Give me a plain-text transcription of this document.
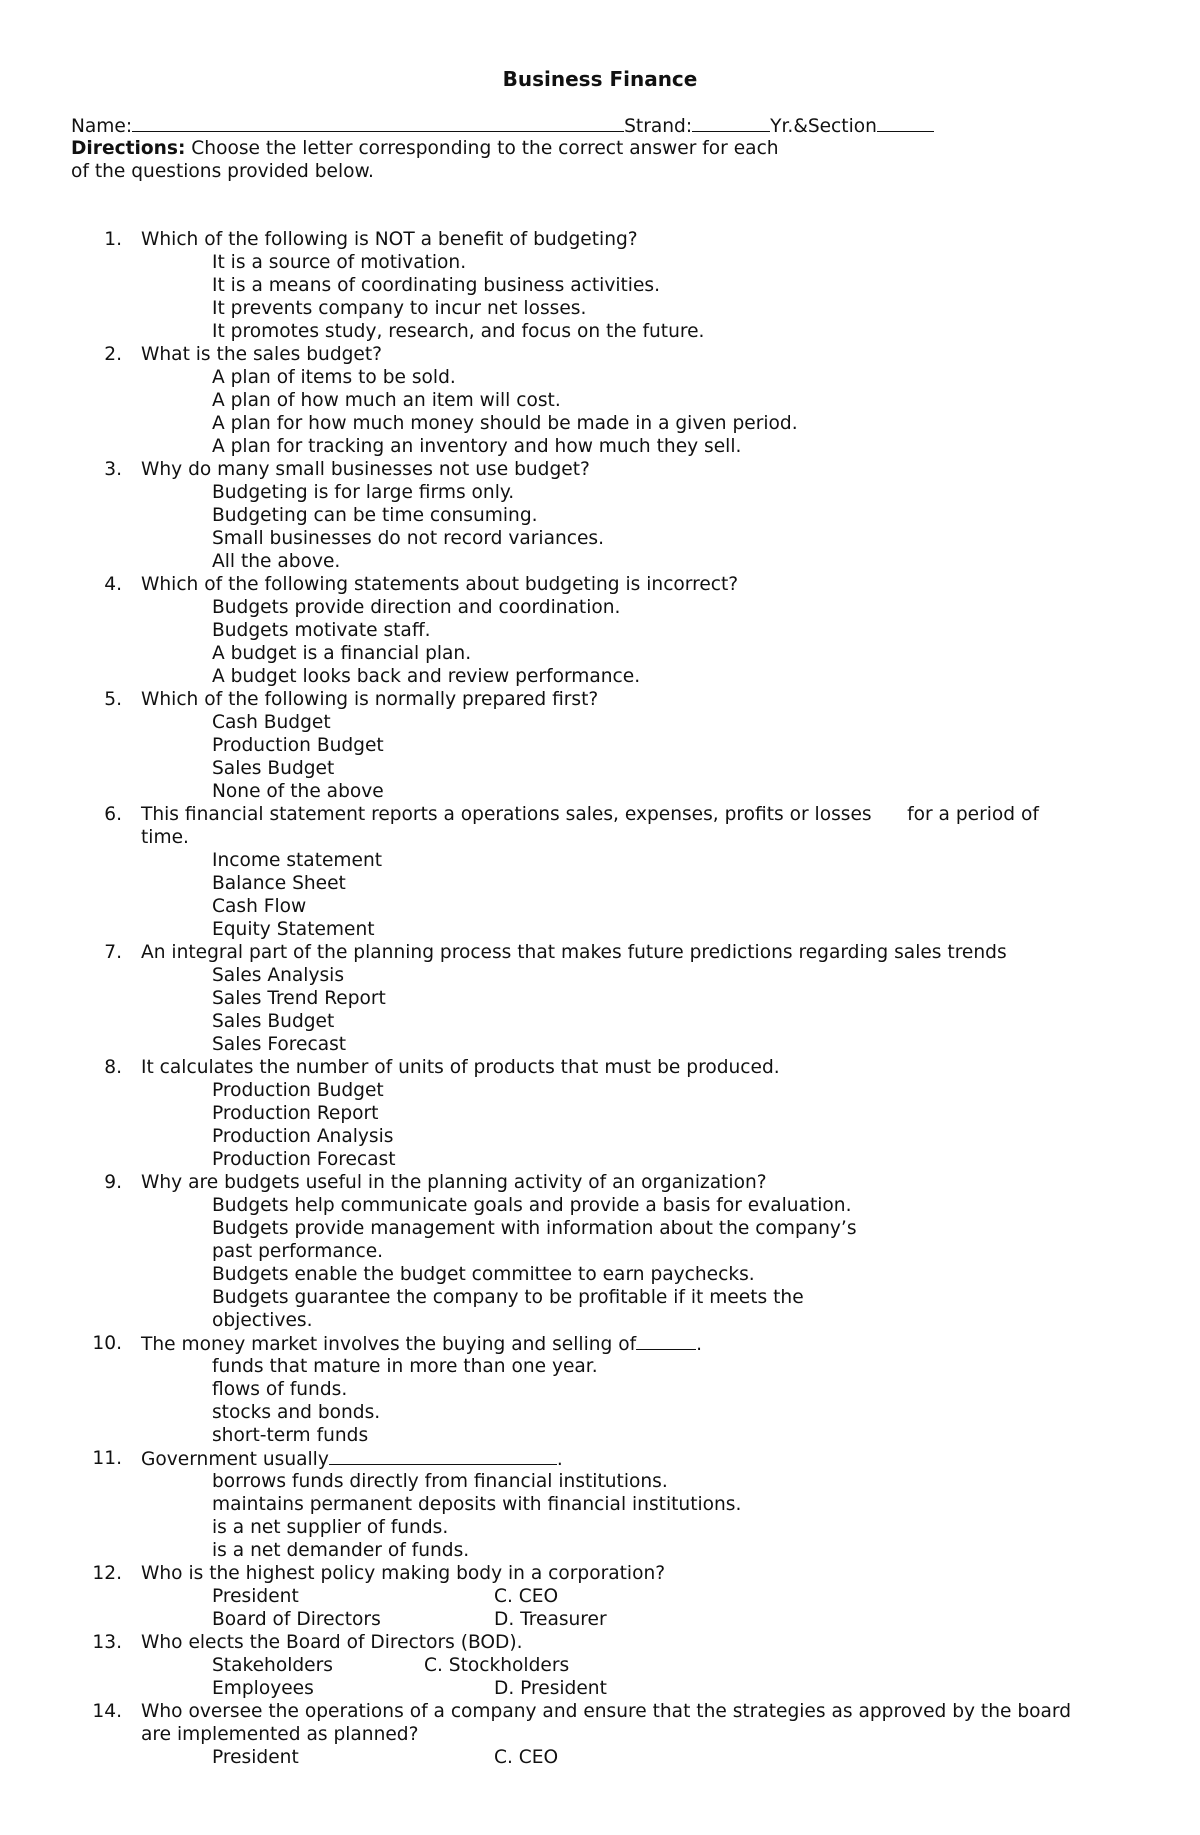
Business Finance
Name:	Strand:	Yr.&Section
Directions: Choose the letter corresponding to the correct answer for each
of the questions provided below.
1. Which of the following is NOT a benefit of budgeting?
It is a source of motivation.
It is a means of coordinating business activities.
It prevents company to incur net losses.
It promotes study, research, and focus on the future.
2. What is the sales budget?
A plan of items to be sold.
A plan of how much an item will cost.
A plan for how much money should be made in a given period.
A plan for tracking an inventory and how much they sell.
3. Why do many small businesses not use budget?
Budgeting is for large firms only.
Budgeting can be time consuming.
Small businesses do not record variances.
All the above.
4. Which of the following statements about budgeting is incorrect?
Budgets provide direction and coordination.
Budgets motivate staff.
A budget is a financial plan.
A budget looks back and review performance.
5. Which of the following is normally prepared first?
Cash Budget
Production Budget
Sales Budget
None of the above
6. This financial statement reports a operations sales, expenses, profits or losses      for a period of
time.
Income statement
Balance Sheet
Cash Flow
Equity Statement
7. An integral part of the planning process that makes future predictions regarding sales trends
Sales Analysis
Sales Trend Report
Sales Budget
Sales Forecast
8. It calculates the number of units of products that must be produced.
Production Budget
Production Report
Production Analysis
Production Forecast
9. Why are budgets useful in the planning activity of an organization?
Budgets help communicate goals and provide a basis for evaluation.
Budgets provide management with information about the company’s
past performance.
Budgets enable the budget committee to earn paychecks.
Budgets guarantee the company to be profitable if it meets the
objectives.
10. The money market involves the buying and selling of	.
funds that mature in more than one year.
flows of funds.
stocks and bonds.
short-term funds
11. Government usually	.
borrows funds directly from financial institutions.
maintains permanent deposits with financial institutions.
is a net supplier of funds.
is a net demander of funds.
12. Who is the highest policy making body in a corporation?
President	C. CEO
Board of Directors	D. Treasurer
13. Who elects the Board of Directors (BOD).
Stakeholders	C. Stockholders
Employees	D. President
14. Who oversee the operations of a company and ensure that the strategies as approved by the board
are implemented as planned?
President	C. CEO
